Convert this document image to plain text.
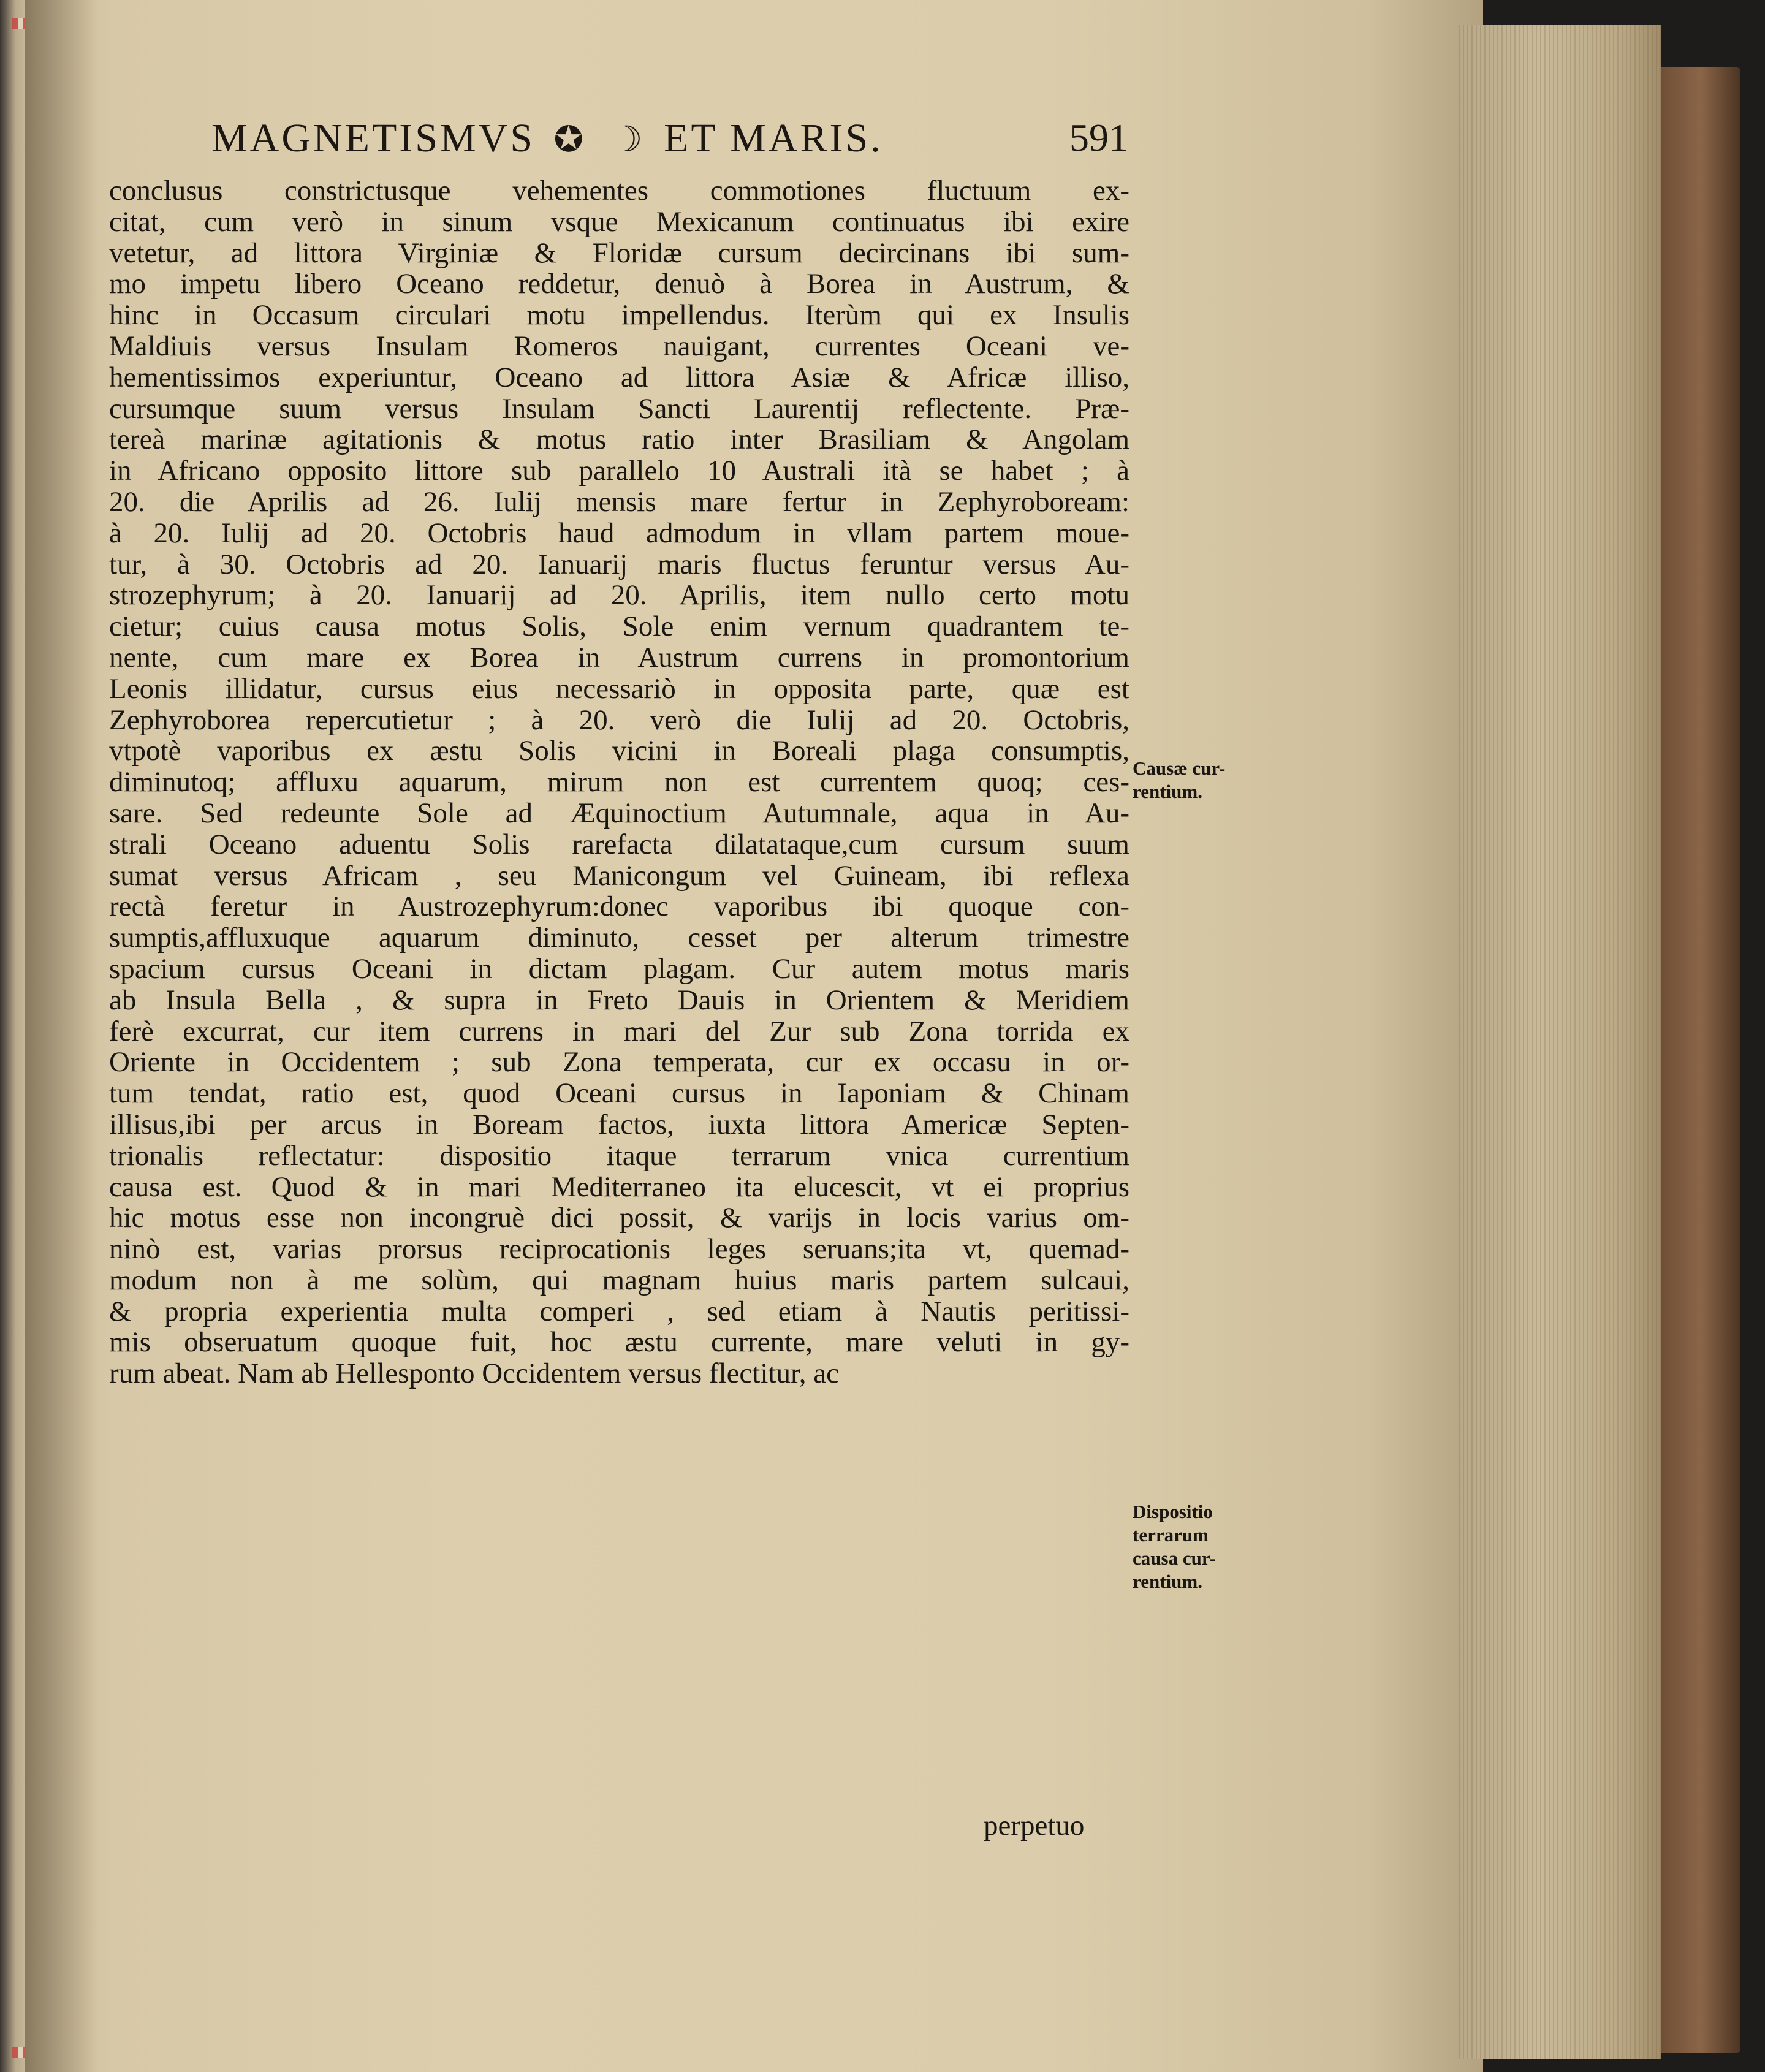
MAGNETISMVS ✪ ☽ ET MARIS.	591
conclusus constrictusque vehementes commotiones fluctuum ex-
citat, cum verò in sinum vsque Mexicanum continuatus ibi exire
vetetur, ad littora Virginiæ & Floridæ cursum decircinans ibi sum-
mo impetu libero Oceano reddetur, denuò à Borea in Austrum, &
hinc in Occasum circulari motu impellendus. Iterùm qui ex Insulis
Maldiuis versus Insulam Romeros nauigant, currentes Oceani ve-
hementissimos experiuntur, Oceano ad littora Asiæ & Africæ illiso,
cursumque suum versus Insulam Sancti Laurentij reflectente. Præ-
tereà marinæ agitationis & motus ratio inter Brasiliam & Angolam
in Africano opposito littore sub parallelo 10 Australi ità se habet ; à
20. die Aprilis ad 26. Iulij mensis mare fertur in Zephyroboream:
à 20. Iulij ad 20. Octobris haud admodum in vllam partem moue-
tur, à 30. Octobris ad 20. Ianuarij maris fluctus feruntur versus Au-
strozephyrum; à 20. Ianuarij ad 20. Aprilis, item nullo certo motu
cietur; cuius causa motus Solis, Sole enim vernum quadrantem te-
nente, cum mare ex Borea in Austrum currens in promontorium
Leonis illidatur, cursus eius necessariò in opposita parte, quæ est
Zephyroborea repercutietur ; à 20. verò die Iulij ad 20. Octobris,
vtpotè vaporibus ex æstu Solis vicini in Boreali plaga consumptis,
diminutoq; affluxu aquarum, mirum non est currentem quoq; ces-
sare. Sed redeunte Sole ad Æquinoctium Autumnale, aqua in Au-
strali Oceano aduentu Solis rarefacta dilatataque,cum cursum suum
sumat versus Africam , seu Manicongum vel Guineam, ibi reflexa
rectà feretur in Austrozephyrum:donec vaporibus ibi quoque con-
sumptis,affluxuque aquarum diminuto, cesset per alterum trimestre
spacium cursus Oceani in dictam plagam. Cur autem motus maris
ab Insula Bella , & supra in Freto Dauis in Orientem & Meridiem
ferè excurrat, cur item currens in mari del Zur sub Zona torrida ex
Oriente in Occidentem ; sub Zona temperata, cur ex occasu in or-
tum tendat, ratio est, quod Oceani cursus in Iaponiam & Chinam
illisus,ibi per arcus in Boream factos, iuxta littora Americæ Septen-
trionalis reflectatur: dispositio itaque terrarum vnica currentium
causa est. Quod & in mari Mediterraneo ita elucescit, vt ei proprius
hic motus esse non incongruè dici possit, & varijs in locis varius om-
ninò est, varias prorsus reciprocationis leges seruans;ita vt, quemad-
modum non à me solùm, qui magnam huius maris partem sulcaui,
& propria experientia multa comperi , sed etiam à Nautis peritissi-
mis obseruatum quoque fuit, hoc æstu currente, mare veluti in gy-
rum abeat. Nam ab Hellesponto Occidentem versus flectitur, ac
perpetuo
Causæ cur-
rentium.
Dispositio
terrarum
causa cur-
rentium.
